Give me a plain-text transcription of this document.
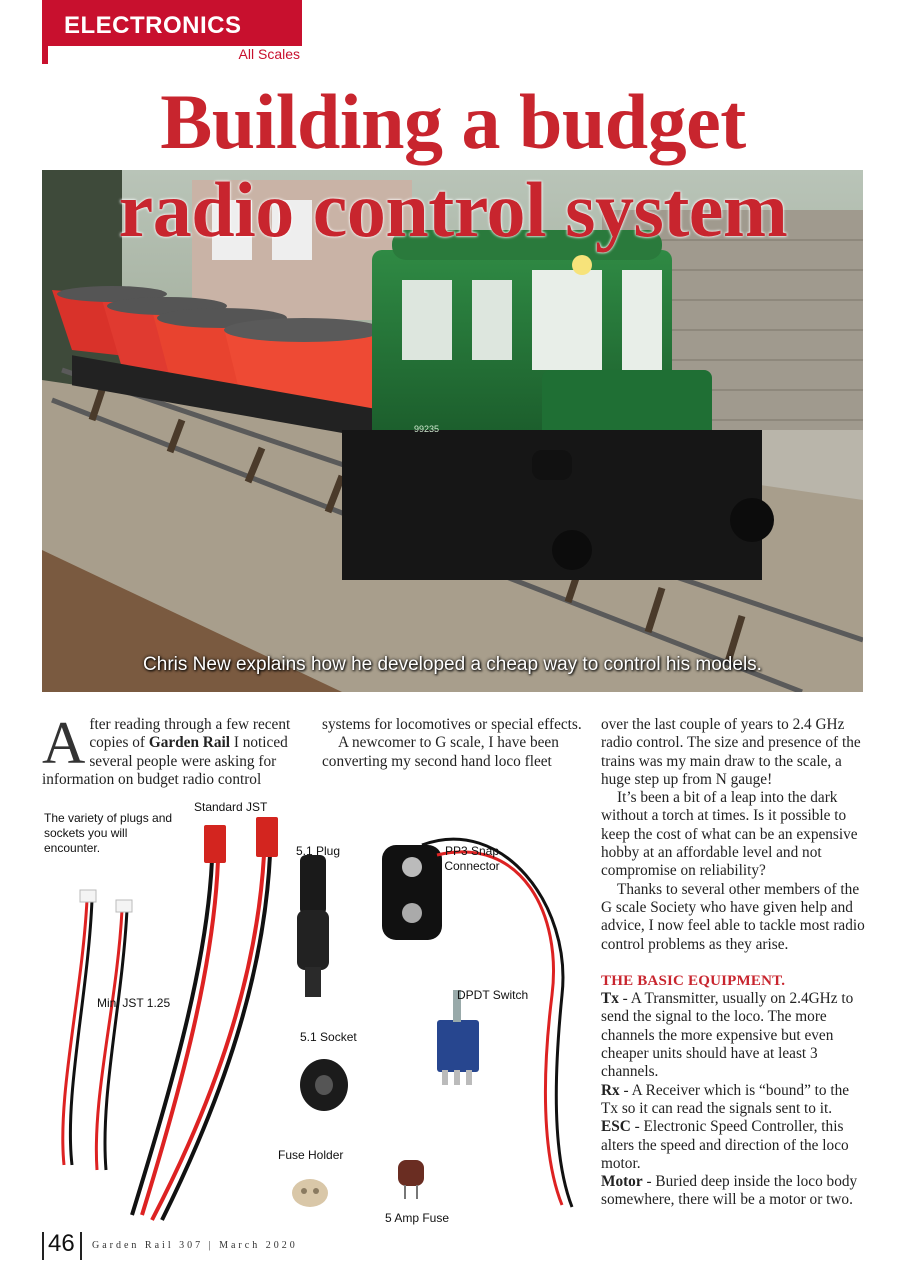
ELECTRONICS
All Scales
99235
Building a budget
radio control system
Chris New explains how he developed a cheap way to control his models.

After reading through a few recent copies of Garden Rail I noticed several people were asking for information on budget radio control

systems for locomotives or special effects.

A newcomer to G scale, I have been converting my second hand loco fleet

over the last couple of years to 2.4 GHz radio control. The size and presence of the trains was my main draw to the scale, a huge step up from N gauge!

It’s been a bit of a leap into the dark without a torch at times. Is it possible to keep the cost of what can be an expensive hobby at an affordable level and not compromise on reliability?

Thanks to several other members of the G scale Society who have given help and advice, I now feel able to tackle most radio control problems as they arise.

THE BASIC EQUIPMENT.

Tx - A Transmitter, usually on 2.4GHz to send the signal to the loco. The more channels the more expensive but even cheaper units should have at least 3 channels.

Rx - A Receiver which is “bound” to the Tx so it can read the signals sent to it.

ESC - Electronic Speed Controller, this alters the speed and direction of the loco motor.

Motor - Buried deep inside the loco body somewhere, there will be a motor or two.

The variety of plugs and sockets you will encounter.
Standard JST
5.1 Plug	PP3 Snap Connector
Mini JST 1.25
DPDT Switch
5.1 Socket
Fuse Holder
5 Amp Fuse
46 Garden Rail 307 | March 2020
